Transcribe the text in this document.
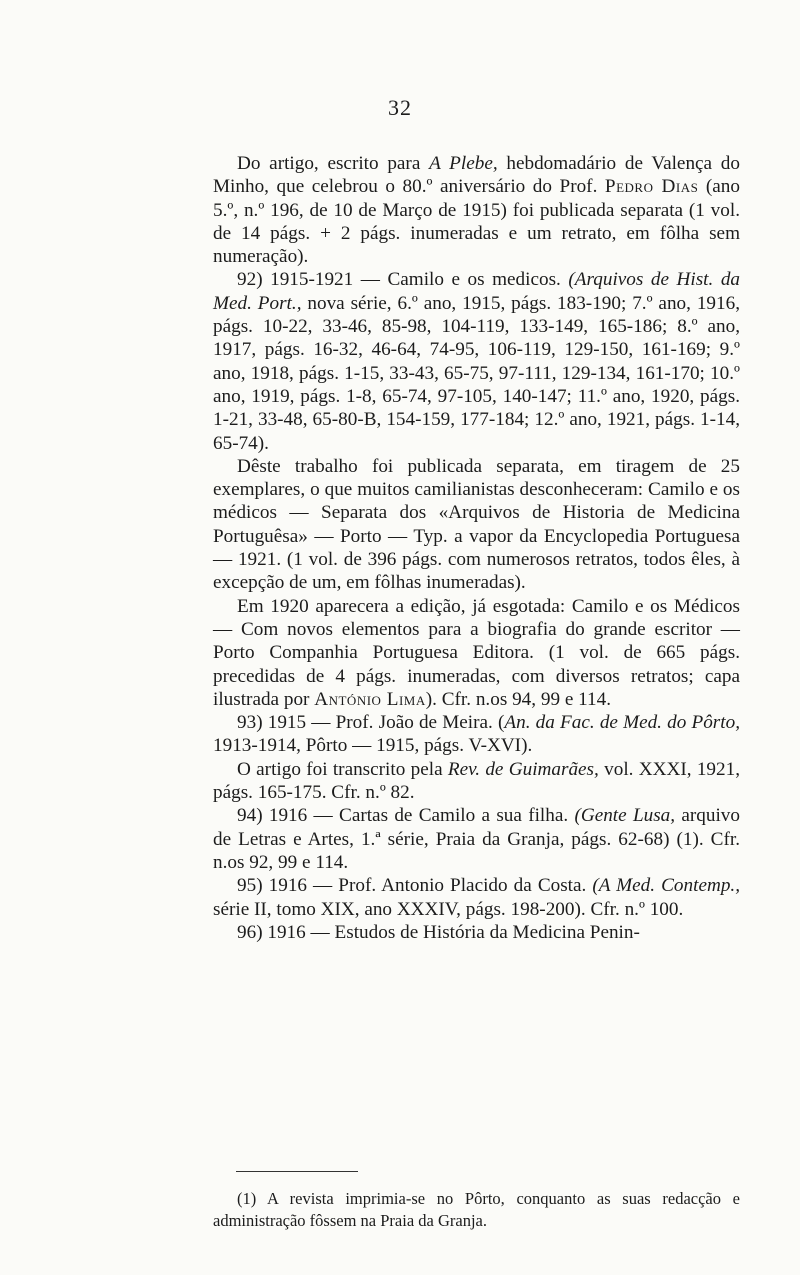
32

Do artigo, escrito para A Plebe, hebdomadário de Valença do Minho, que celebrou o 80.º aniversário do Prof. Pedro Dias (ano 5.º, n.º 196, de 10 de Março de 1915) foi publicada separata (1 vol. de 14 págs. + 2 págs. inumeradas e um retrato, em fôlha sem numeração).

92) 1915-1921 — Camilo e os medicos. (Arquivos de Hist. da Med. Port., nova série, 6.º ano, 1915, págs. 183-190; 7.º ano, 1916, págs. 10-22, 33-46, 85-98, 104-119, 133-149, 165-186; 8.º ano, 1917, págs. 16-32, 46-64, 74-95, 106-119, 129-150, 161-169; 9.º ano, 1918, págs. 1-15, 33-43, 65-75, 97-111, 129-134, 161-170; 10.º ano, 1919, págs. 1-8, 65-74, 97-105, 140-147; 11.º ano, 1920, págs. 1-21, 33-48, 65-80-B, 154-159, 177-184; 12.º ano, 1921, págs. 1-14, 65-74).

Dêste trabalho foi publicada separata, em tiragem de 25 exemplares, o que muitos camilianistas desconheceram: Camilo e os médicos — Separata dos «Arquivos de Historia de Medicina Portuguêsa» — Porto — Typ. a vapor da Encyclopedia Portuguesa — 1921. (1 vol. de 396 págs. com numerosos retratos, todos êles, à excepção de um, em fôlhas inumeradas).

Em 1920 aparecera a edição, já esgotada: Camilo e os Médicos — Com novos elementos para a biografia do grande escritor — Porto Companhia Portuguesa Editora. (1 vol. de 665 págs. precedidas de 4 págs. inumeradas, com diversos retratos; capa ilustrada por António Lima). Cfr. n.os 94, 99 e 114.

93) 1915 — Prof. João de Meira. (An. da Fac. de Med. do Pôrto, 1913-1914, Pôrto — 1915, págs. V-XVI).

O artigo foi transcrito pela Rev. de Guimarães, vol. XXXI, 1921, págs. 165-175. Cfr. n.º 82.

94) 1916 — Cartas de Camilo a sua filha. (Gente Lusa, arquivo de Letras e Artes, 1.ª série, Praia da Granja, págs. 62-68) (1). Cfr. n.os 92, 99 e 114.

95) 1916 — Prof. Antonio Placido da Costa. (A Med. Contemp., série II, tomo XIX, ano XXXIV, págs. 198-200). Cfr. n.º 100.

96) 1916 — Estudos de História da Medicina Penin-

(1) A revista imprimia-se no Pôrto, conquanto as suas redacção e administração fôssem na Praia da Granja.
